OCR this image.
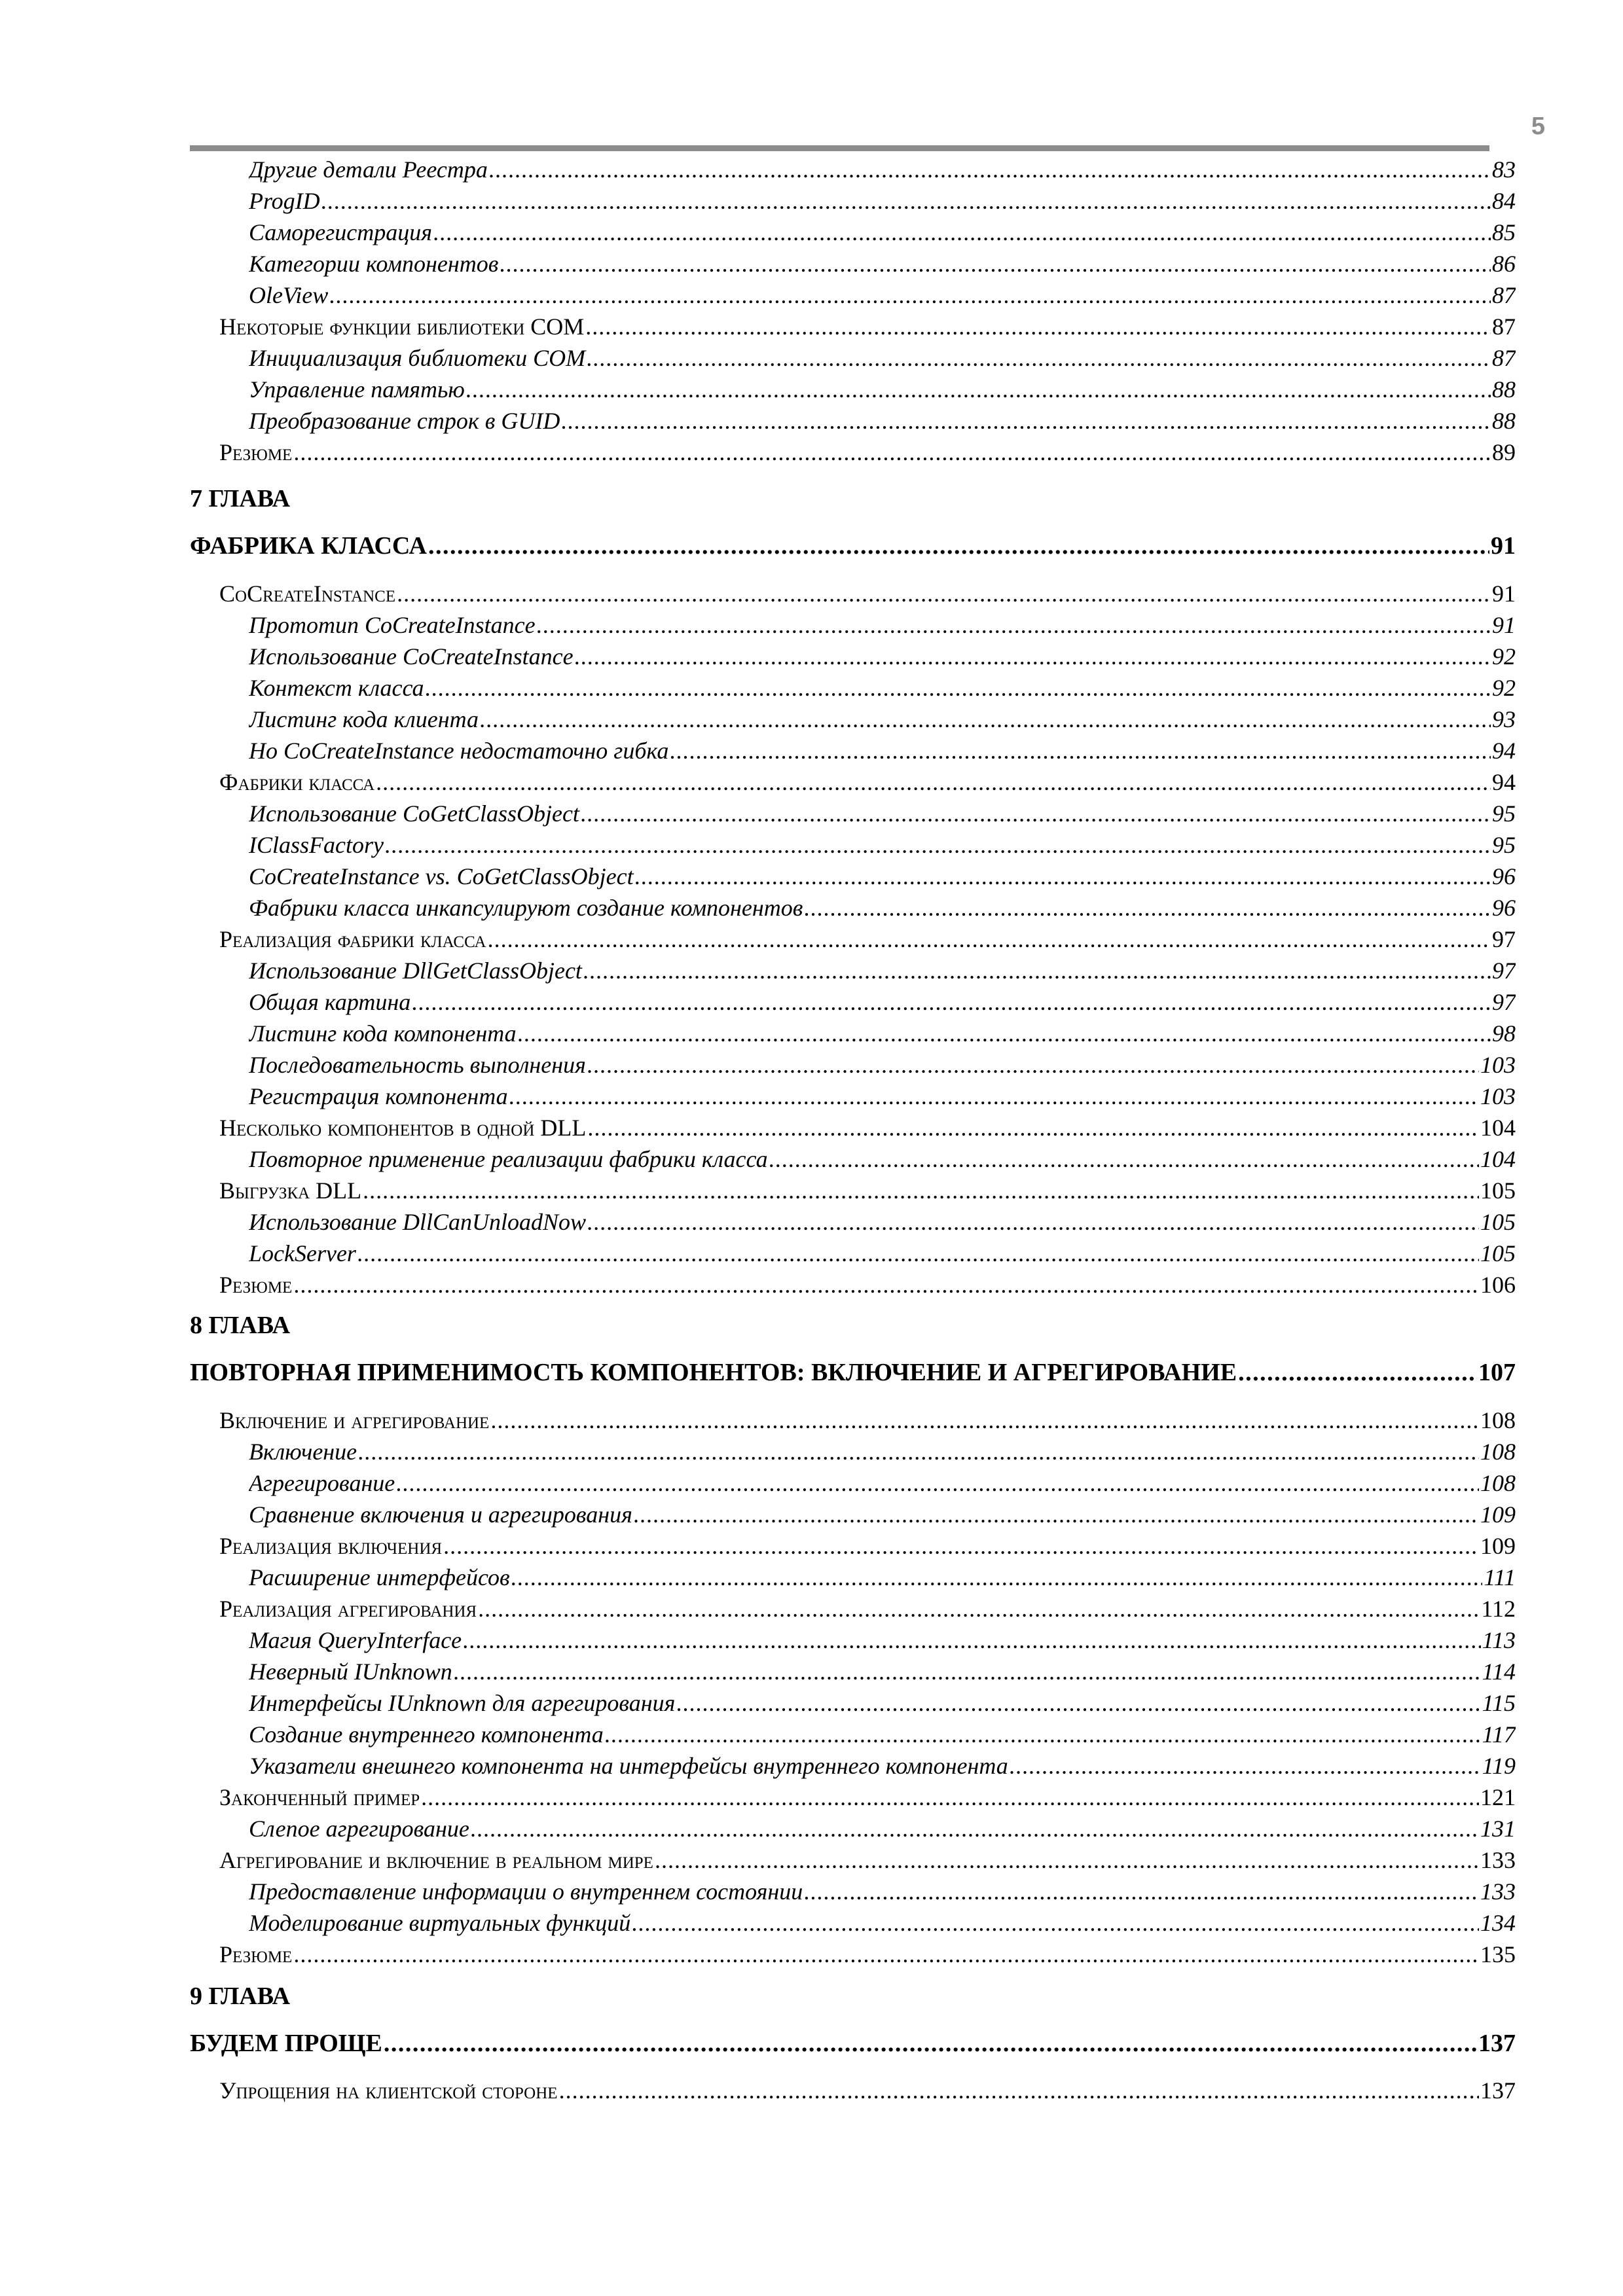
5
Другие детали Реестра . . .	83
ProgID . . .	84
Саморегистрация . . .	85
Категории компонентов . . .	86
OleView . . .	87
Некоторые функции библиотеки COM . . .	87
Инициализация библиотеки COM . . .	87
Управление памятью . . .	88
Преобразование строк в GUID . . .	88
Резюме . . .	89
7 ГЛАВА
ФАБРИКА КЛАССА . . .	91
CoCreateInstance . . .	91
Прототип CoCreateInstance . . .	91
Использование CoCreateInstance . . .	92
Контекст класса . . .	92
Листинг кода клиента . . .	93
Но CoCreateInstance недостаточно гибка . . .	94
Фабрики класса . . .	94
Использование CoGetClassObject . . .	95
IClassFactory . . .	95
CoCreateInstance vs. CoGetClassObject . . .	96
Фабрики класса инкапсулируют создание компонентов . . .	96
Реализация фабрики класса . . .	97
Использование DllGetClassObject . . .	97
Общая картина . . .	97
Листинг кода компонента . . .	98
Последовательность выполнения . . .	103
Регистрация компонента . . .	103
Несколько компонентов в одной DLL . . .	104
Повторное применение реализации фабрики класса . . .	104
Выгрузка DLL . . .	105
Использование DllCanUnloadNow . . .	105
LockServer . . .	105
Резюме . . .	106
8 ГЛАВА
ПОВТОРНАЯ ПРИМЕНИМОСТЬ КОМПОНЕНТОВ: ВКЛЮЧЕНИЕ И АГРЕГИРОВАНИЕ . . .	107
Включение и агрегирование . . .	108
Включение . . .	108
Агрегирование . . .	108
Сравнение включения и агрегирования . . .	109
Реализация включения . . .	109
Расширение интерфейсов . . .	111
Реализация агрегирования . . .	112
Магия QueryInterface . . .	113
Неверный IUnknown . . .	114
Интерфейсы IUnknown для агрегирования . . .	115
Создание внутреннего компонента . . .	117
Указатели внешнего компонента на интерфейсы внутреннего компонента . . .	119
Законченный пример . . .	121
Слепое агрегирование . . .	131
Агрегирование и включение в реальном мире . . .	133
Предоставление информации о внутреннем состоянии . . .	133
Моделирование виртуальных функций . . .	134
Резюме . . .	135
9 ГЛАВА
БУДЕМ ПРОЩЕ . . .	137
Упрощения на клиентской стороне . . .	137
